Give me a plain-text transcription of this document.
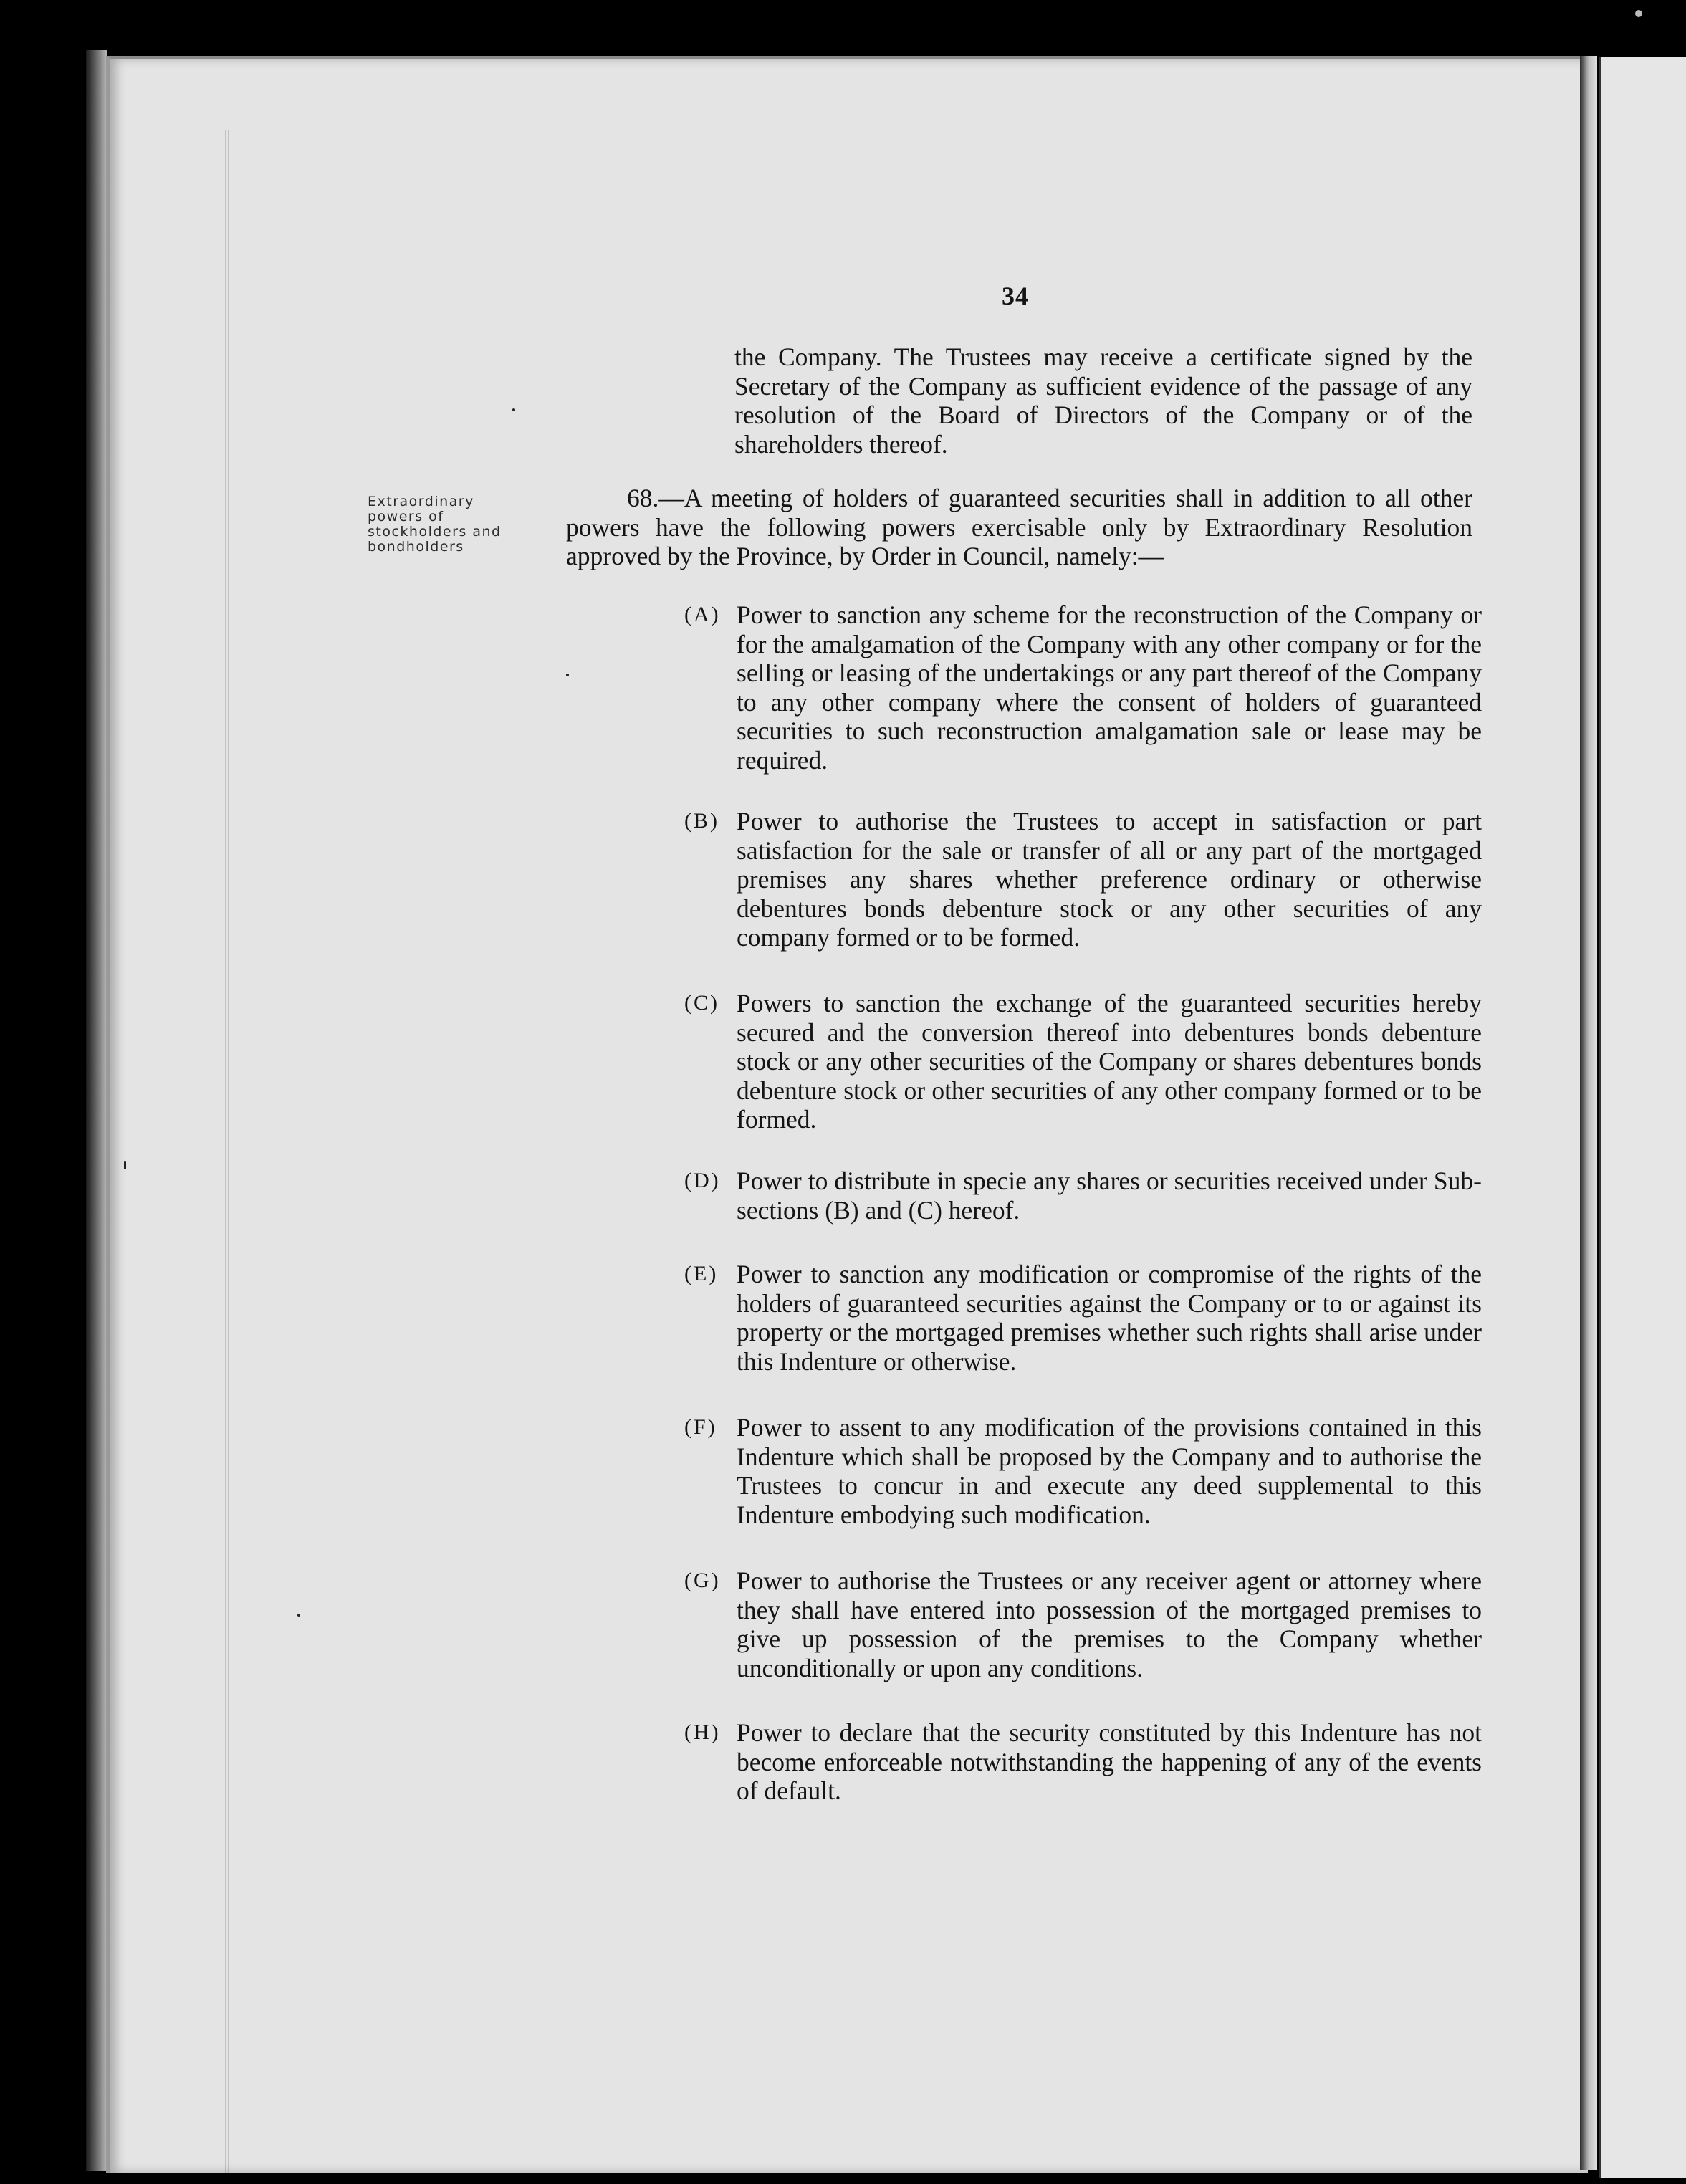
34

the Company. The Trustees may receive a certificate signed by the Secretary of the Company as sufficient evidence of the passage of any resolution of the Board of Directors of the Company or of the shareholders thereof.

Extraordinary powers of stockholders and bondholders

68.—A meeting of holders of guaranteed securities shall in addition to all other powers have the following powers exercisable only by Extraordinary Resolution approved by the Province, by Order in Council, namely:—

(A) Power to sanction any scheme for the reconstruction of the Company or for the amalgamation of the Company with any other company or for the selling or leasing of the undertakings or any part thereof of the Company to any other company where the consent of holders of guaranteed securities to such reconstruction amalgamation sale or lease may be required.
(B) Power to authorise the Trustees to accept in satisfaction or part satisfaction for the sale or transfer of all or any part of the mortgaged premises any shares whether preference ordinary or otherwise debentures bonds debenture stock or any other securities of any company formed or to be formed.
(C) Powers to sanction the exchange of the guaranteed securities hereby secured and the conversion thereof into debentures bonds debenture stock or any other securities of the Company or shares debentures bonds debenture stock or other securities of any other company formed or to be formed.
(D) Power to distribute in specie any shares or securities received under Sub-sections (B) and (C) hereof.
(E) Power to sanction any modification or compromise of the rights of the holders of guaranteed securities against the Company or to or against its property or the mortgaged premises whether such rights shall arise under this Indenture or otherwise.
(F) Power to assent to any modification of the provisions contained in this Indenture which shall be proposed by the Company and to authorise the Trustees to concur in and execute any deed supplemental to this Indenture embodying such modification.
(G) Power to authorise the Trustees or any receiver agent or attorney where they shall have entered into possession of the mortgaged premises to give up possession of the premises to the Company whether unconditionally or upon any conditions.
(H) Power to declare that the security constituted by this Indenture has not become enforceable notwithstanding the happening of any of the events of default.
